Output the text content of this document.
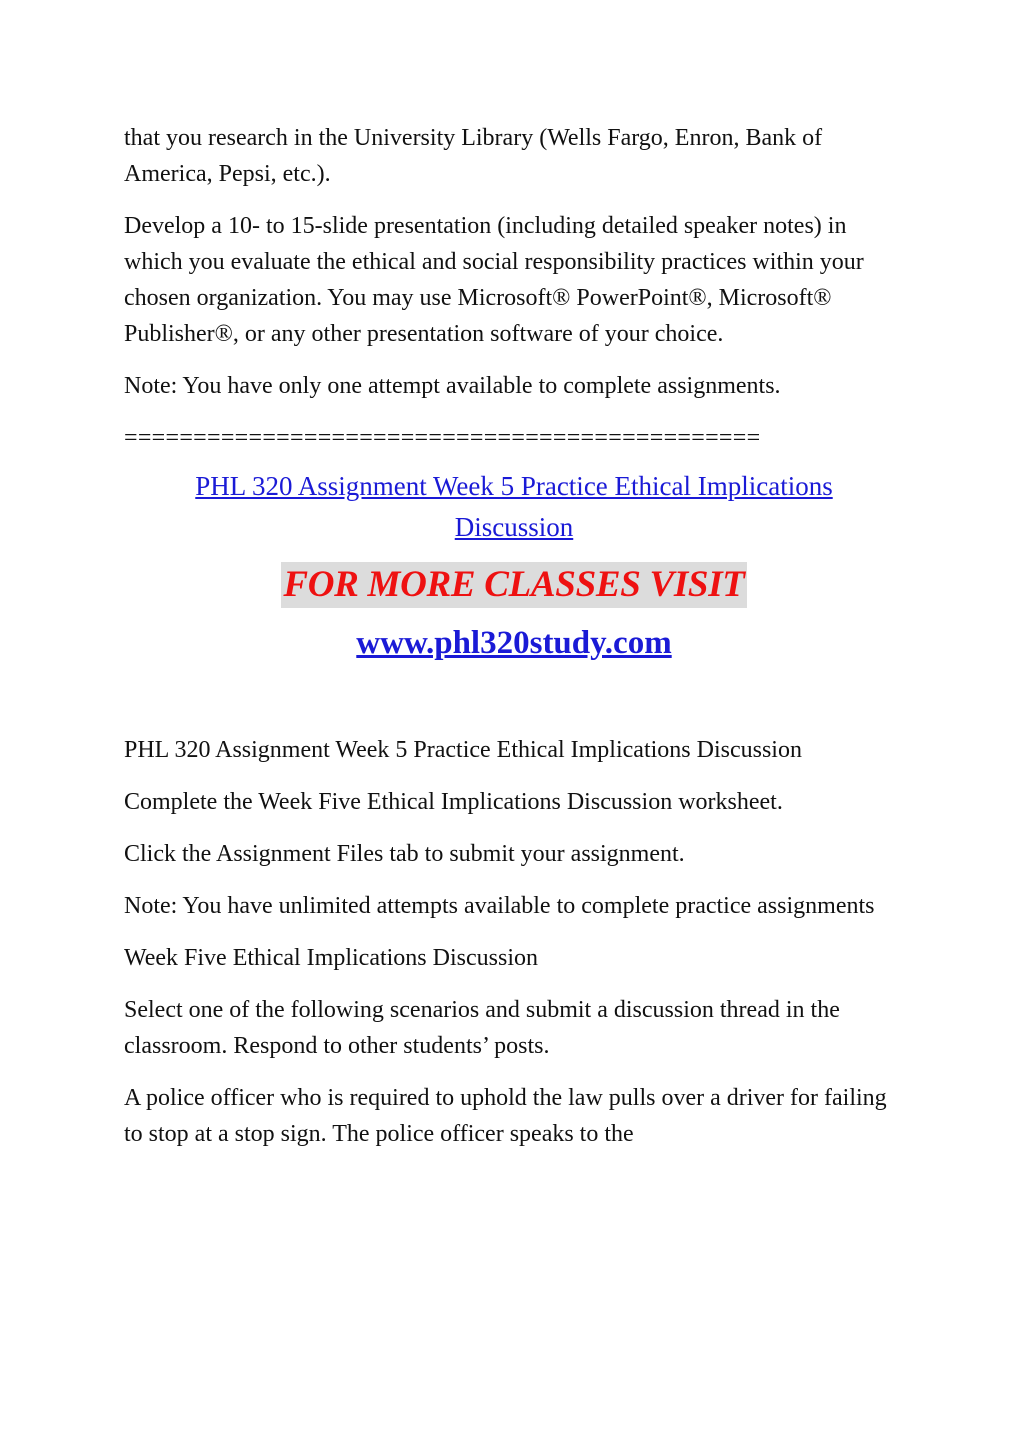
that you research in the University Library (Wells Fargo, Enron, Bank of America, Pepsi, etc.).

Develop a 10- to 15-slide presentation (including detailed speaker notes) in which you evaluate the ethical and social responsibility practices within your chosen organization. You may use Microsoft® PowerPoint®, Microsoft® Publisher®, or any other presentation software of your choice.

Note: You have only one attempt available to complete assignments.

==============================================
PHL 320 Assignment Week 5 Practice Ethical Implications Discussion
FOR MORE CLASSES VISIT
www.phl320study.com

PHL 320 Assignment Week 5 Practice Ethical Implications Discussion

Complete the Week Five Ethical Implications Discussion worksheet.

Click the Assignment Files tab to submit your assignment.

Note: You have unlimited attempts available to complete practice assignments

Week Five Ethical Implications Discussion

Select one of the following scenarios and submit a discussion thread in the classroom. Respond to other students’ posts.

A police officer who is required to uphold the law pulls over a driver for failing to stop at a stop sign. The police officer speaks to the
